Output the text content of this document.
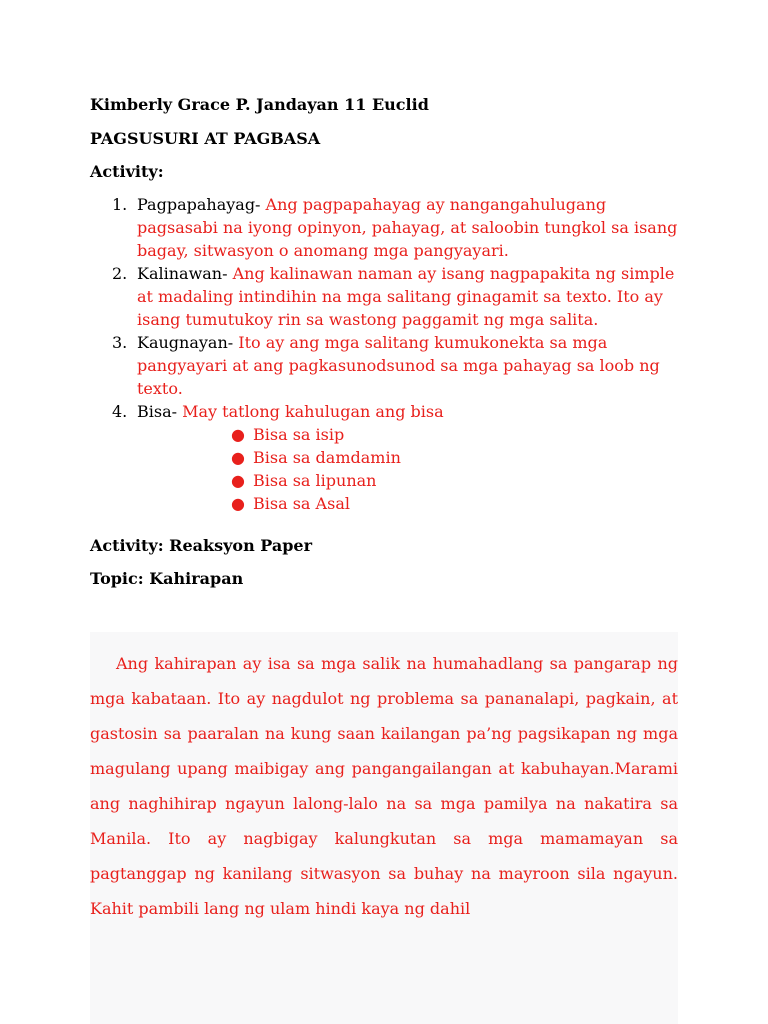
Kimberly Grace P. Jandayan 11 Euclid
PAGSUSURI AT PAGBASA
Activity:
1. Pagpapahayag- Ang pagpapahayag ay nangangahulugang pagsasabi na iyong opinyon, pahayag, at saloobin tungkol sa isang bagay, sitwasyon o anomang mga pangyayari.
2. Kalinawan- Ang kalinawan naman ay isang nagpapakita ng simple at madaling intindihin na mga salitang ginagamit sa texto. Ito ay isang tumutukoy rin sa wastong paggamit ng mga salita.
3. Kaugnayan- Ito ay ang mga salitang kumukonekta sa mga pangyayari at ang pagkasunodsunod sa mga pahayag sa loob ng texto.
4. Bisa- May tatlong kahulugan ang bisa
● Bisa sa isip
● Bisa sa damdamin
● Bisa sa lipunan
● Bisa sa Asal
Activity: Reaksyon Paper
Topic: Kahirapan

Ang kahirapan ay isa sa mga salik na humahadlang sa pangarap ng mga kabataan. Ito ay nagdulot ng problema sa pananalapi, pagkain, at gastosin sa paaralan na kung saan kailangan pa’ng pagsikapan ng mga magulang upang maibigay ang pangangailangan at kabuhayan.Marami ang naghihirap ngayun lalong-lalo na sa mga pamilya na nakatira sa Manila. Ito ay nagbigay kalungkutan sa mga mamamayan sa pagtanggap ng kanilang sitwasyon sa buhay na mayroon sila ngayun. Kahit pambili lang ng ulam hindi kaya ng dahil
